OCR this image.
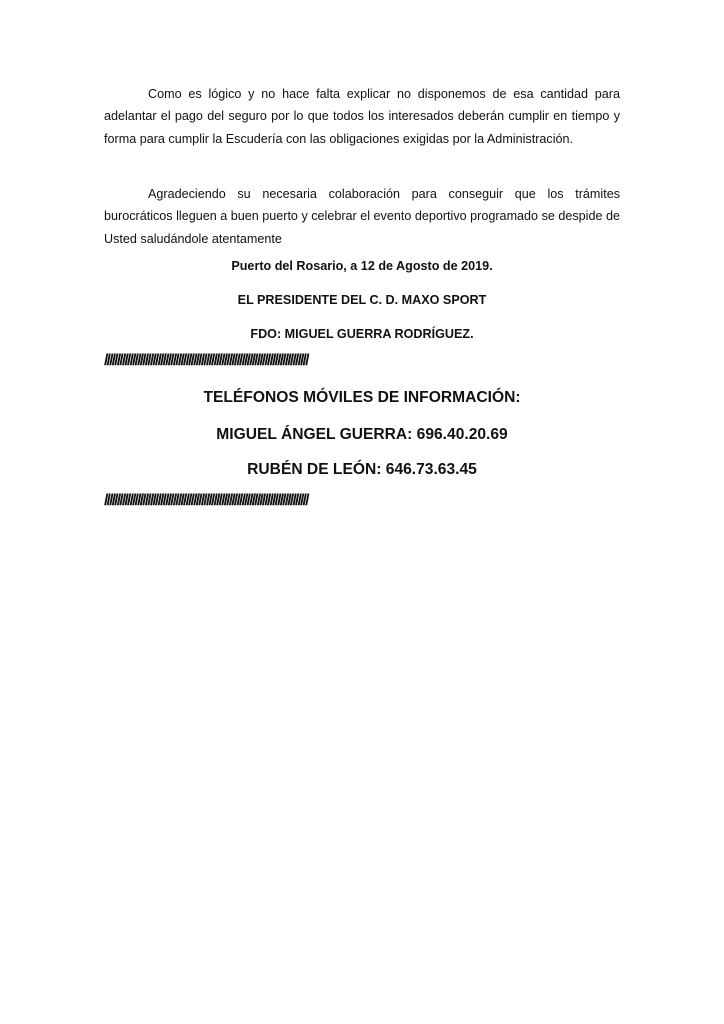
Como es lógico y no hace falta explicar no disponemos de esa cantidad para adelantar el pago del seguro por lo que todos los interesados deberán cumplir en tiempo y forma para cumplir la Escudería con las obligaciones exigidas por la Administración.

Agradeciendo su necesaria colaboración para conseguir que los trámites burocráticos lleguen a buen puerto y celebrar el evento deportivo programado se despide de Usted saludándole atentamente

Puerto del Rosario, a 12 de Agosto de 2019.

EL PRESIDENTE DEL C. D. MAXO SPORT

FDO: MIGUEL GUERRA RODRÍGUEZ.

////////////////////////////////////////////////////////////////////////////////

TELÉFONOS MÓVILES DE INFORMACIÓN:

MIGUEL ÁNGEL GUERRA: 696.40.20.69

RUBÉN DE LEÓN: 646.73.63.45

////////////////////////////////////////////////////////////////////////////////
